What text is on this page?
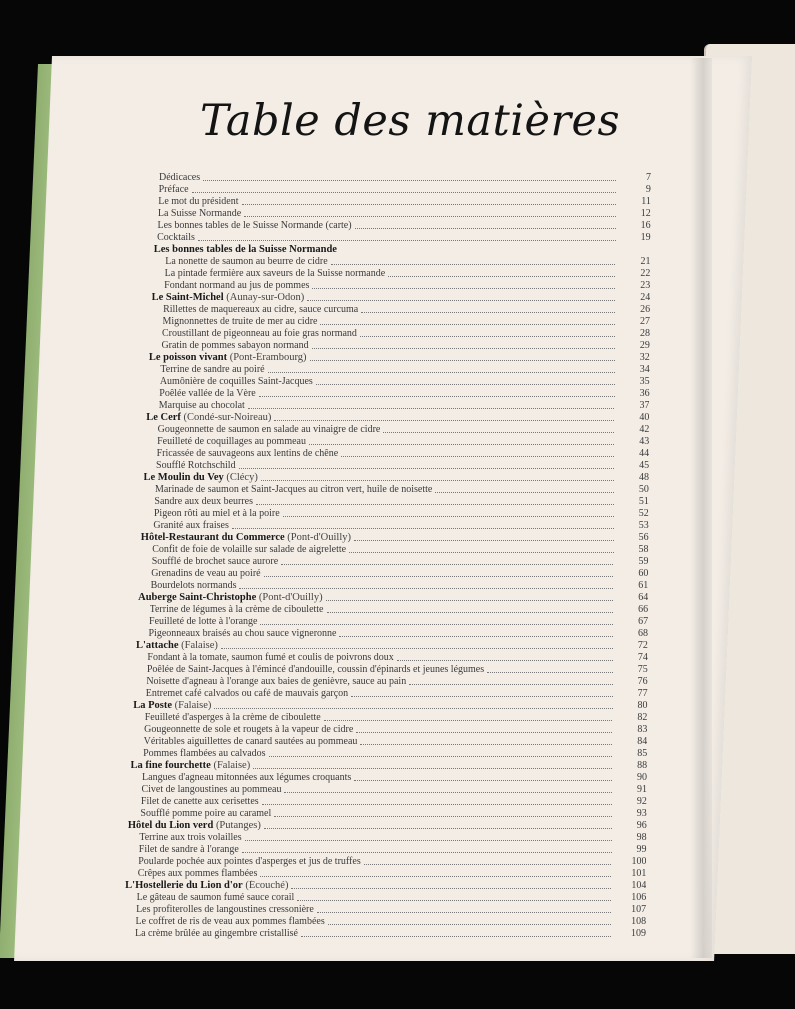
Table des matières
Dédicaces	7
Préface	9
Le mot du président	11
La Suisse Normande	12
Les bonnes tables de le Suisse Normande (carte)	16
Cocktails	19
Les bonnes tables de la Suisse Normande
La nonette de saumon au beurre de cidre	21
La pintade fermière aux saveurs de la Suisse normande	22
Fondant normand au jus de pommes	23
Le Saint-Michel (Aunay-sur-Odon)	24
Rillettes de maquereaux au cidre, sauce curcuma	26
Mignonnettes de truite de mer au cidre	27
Croustillant de pigeonneau au foie gras normand	28
Gratin de pommes sabayon normand	29
Le poisson vivant (Pont-Érambourg)	32
Terrine de sandre au poiré	34
Aumônière de coquilles Saint-Jacques	35
Poêlée vallée de la Vère	36
Marquise au chocolat	37
Le Cerf (Condé-sur-Noireau)	40
Gougeonnette de saumon en salade au vinaigre de cidre	42
Feuilleté de coquillages au pommeau	43
Fricassée de sauvageons aux lentins de chêne	44
Soufflé Rotchschild	45
Le Moulin du Vey (Clécy)	48
Marinade de saumon et Saint-Jacques au citron vert, huile de noisette	50
Sandre aux deux beurres	51
Pigeon rôti au miel et à la poire	52
Granité aux fraises	53
Hôtel-Restaurant du Commerce (Pont-d'Ouilly)	56
Confit de foie de volaille sur salade de aigrelette	58
Soufflé de brochet sauce aurore	59
Grenadins de veau au poiré	60
Bourdelots normands	61
Auberge Saint-Christophe (Pont-d'Ouilly)	64
Terrine de légumes à la crème de ciboulette	66
Feuilleté de lotte à l'orange	67
Pigeonneaux braisés au chou sauce vigneronne	68
L'attache (Falaise)	72
Fondant à la tomate, saumon fumé et coulis de poivrons doux	74
Poêlée de Saint-Jacques à l'émincé d'andouille, coussin d'épinards et jeunes légumes	75
Noisette d'agneau à l'orange aux baies de genièvre, sauce au pain	76
Entremet café calvados ou café de mauvais garçon	77
La Poste (Falaise)	80
Feuilleté d'asperges à la crème de ciboulette	82
Gougeonnette de sole et rougets à la vapeur de cidre	83
Véritables aiguillettes de canard sautées au pommeau	84
Pommes flambées au calvados	85
La fine fourchette (Falaise)	88
Langues d'agneau mitonnées aux légumes croquants	90
Civet de langoustines au pommeau	91
Filet de canette aux cerisettes	92
Soufflé pomme poire au caramel	93
Hôtel du Lion verd (Putanges)	96
Terrine aux trois volailles	98
Filet de sandre à l'orange	99
Poularde pochée aux pointes d'asperges et jus de truffes	100
Crêpes aux pommes flambées	101
L'Hostellerie du Lion d'or (Écouché)	104
Le gâteau de saumon fumé sauce corail	106
Les profiterolles de langoustines cressonière	107
Le coffret de ris de veau aux pommes flambées	108
La crème brûlée au gingembre cristallisé	109
